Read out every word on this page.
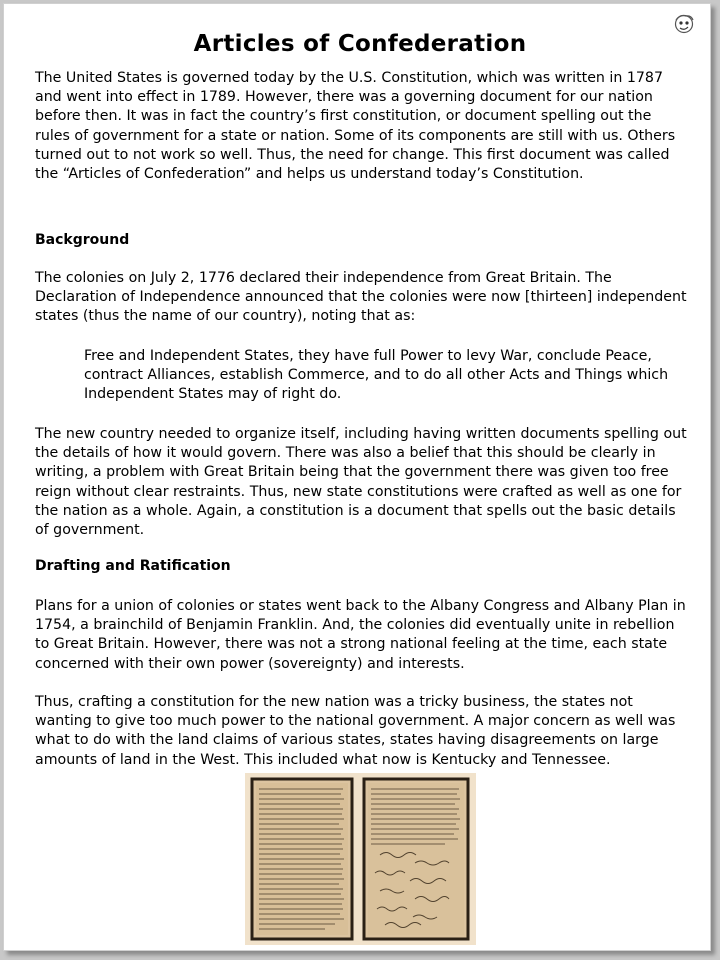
Articles of Confederation

The United States is governed today by the U.S. Constitution, which was written in 1787 and went into effect in 1789. However, there was a governing document for our nation before then. It was in fact the country’s first constitution, or document spelling out the rules of government for a state or nation. Some of its components are still with us. Others turned out to not work so well. Thus, the need for change. This first document was called the “Articles of Confederation” and helps us understand today’s Constitution.

Background

The colonies on July 2, 1776 declared their independence from Great Britain. The Declaration of Independence announced that the colonies were now [thirteen] independent states (thus the name of our country), noting that as:

Free and Independent States, they have full Power to levy War, conclude Peace, contract Alliances, establish Commerce, and to do all other Acts and Things which Independent States may of right do.

The new country needed to organize itself, including having written documents spelling out the details of how it would govern. There was also a belief that this should be clearly in writing, a problem with Great Britain being that the government there was given too free reign without clear restraints. Thus, new state constitutions were crafted as well as one for the nation as a whole. Again, a constitution is a document that spells out the basic details of government.

Drafting and Ratification

Plans for a union of colonies or states went back to the Albany Congress and Albany Plan in 1754, a brainchild of Benjamin Franklin. And, the colonies did eventually unite in rebellion to Great Britain. However, there was not a strong national feeling at the time, each state concerned with their own power (sovereignty) and interests.

Thus, crafting a constitution for the new nation was a tricky business, the states not wanting to give too much power to the national government. A major concern as well was what to do with the land claims of various states, states having disagreements on large amounts of land in the West. This included what now is Kentucky and Tennessee.
